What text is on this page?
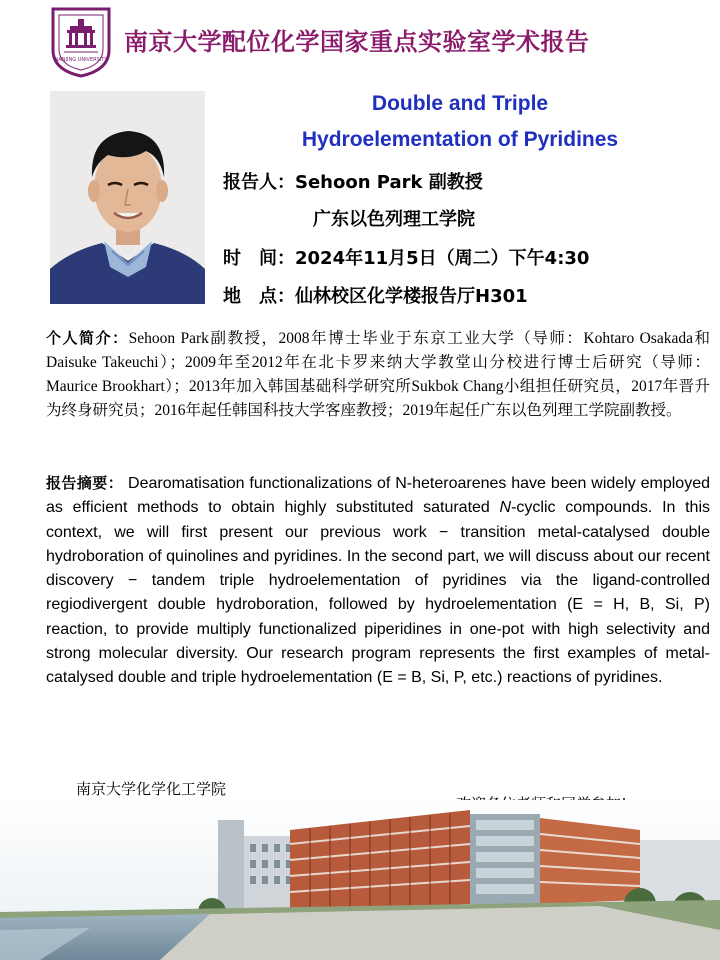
NANJING UNIVERSITY
南京大学配位化学国家重点实验室学术报告
Double and Triple
Hydroelementation of Pyridines
报告人：Sehoon Park 副教授
广东以色列理工学院
时　间：2024年11月5日（周二）下午4:30
地　点：仙林校区化学楼报告厅H301
个人简介：Sehoon Park副教授，2008年博士毕业于东京工业大学（导师：Kohtaro Osakada和Daisuke Takeuchi）；2009年至2012年在北卡罗来纳大学教堂山分校进行博士后研究（导师：Maurice Brookhart）；2013年加入韩国基础科学研究所Sukbok Chang小组担任研究员，2017年晋升为终身研究员；2016年起任韩国科技大学客座教授；2019年起任广东以色列理工学院副教授。
报告摘要： Dearomatisation functionalizations of N-heteroarenes have been widely employed as efficient methods to obtain highly substituted saturated N-cyclic compounds. In this context, we will first present our previous work − transition metal-catalysed double hydroboration of quinolines and pyridines. In the second part, we will discuss about our recent discovery − tandem triple hydroelementation of pyridines via the ligand-controlled regiodivergent double hydroboration, followed by hydroelementation (E = H, B, Si, P) reaction, to provide multiply functionalized piperidines in one-pot with high selectivity and strong molecular diversity. Our research program represents the first examples of metal-catalysed double and triple hydroelementation (E = B, Si, P, etc.) reactions of pyridines.
南京大学化学化工学院
